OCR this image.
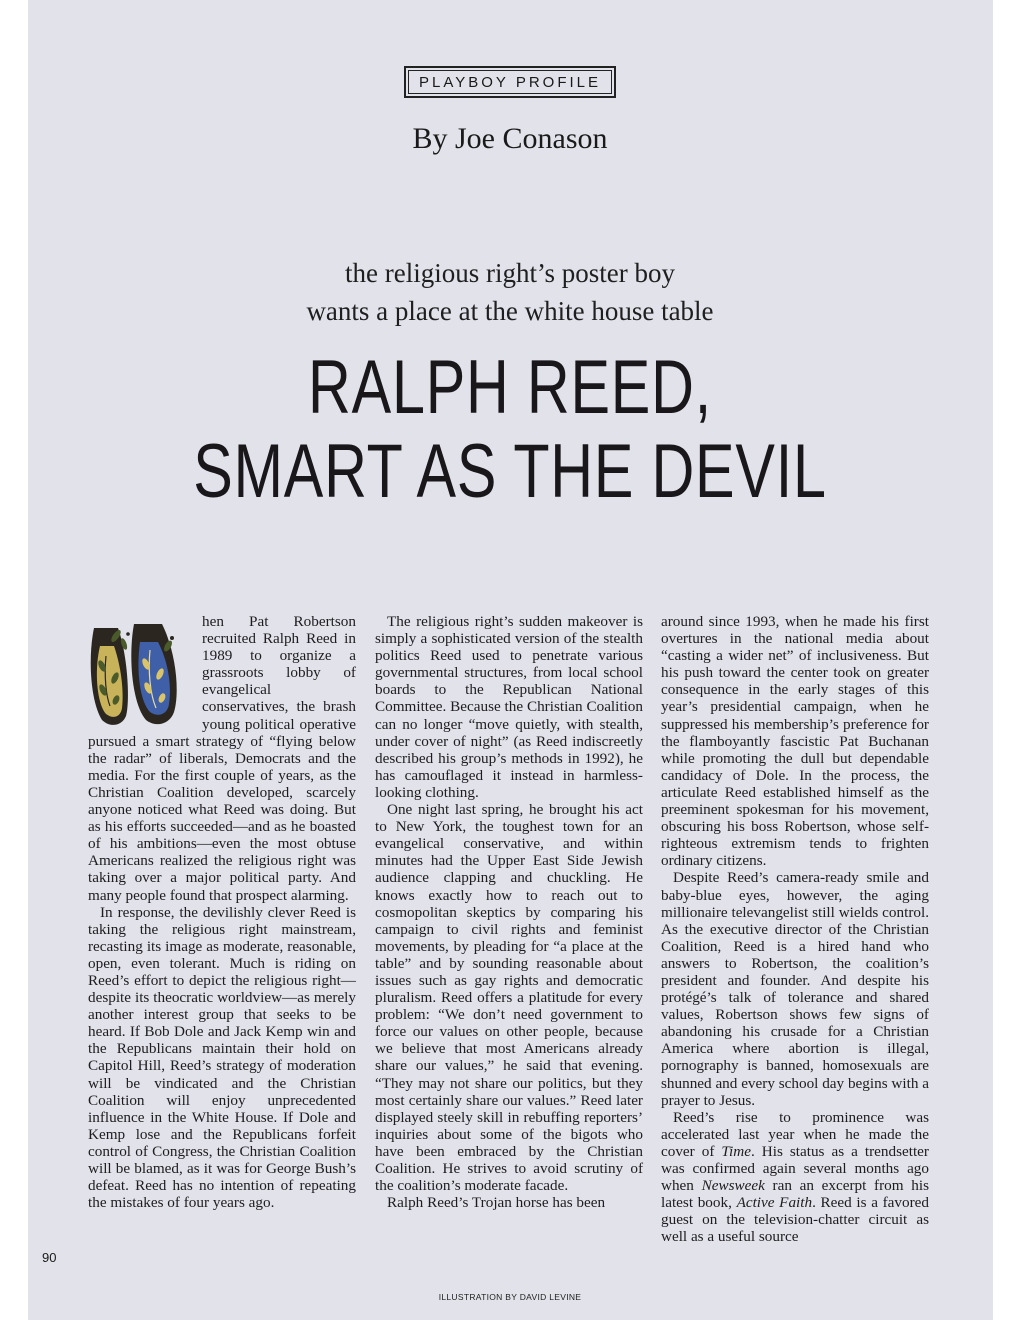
PLAYBOY PROFILE
By Joe Conason
the religious right’s poster boy
wants a place at the white house table
RALPH REED,
SMART AS THE DEVIL

hen Pat Robertson recruited Ralph Reed in 1989 to organize a grassroots lobby of evangelical conservatives, the brash young political operative pursued a smart strategy of “flying below the radar” of liberals, Democrats and the media. For the first couple of years, as the Christian Coalition developed, scarcely anyone noticed what Reed was doing. But as his efforts succeeded—and as he boasted of his ambitions—even the most obtuse Americans realized the religious right was taking over a major political party. And many people found that prospect alarming.

In response, the devilishly clever Reed is taking the religious right mainstream, recasting its image as moderate, reasonable, open, even tolerant. Much is riding on Reed’s effort to depict the religious right—despite its theocratic worldview—as merely another interest group that seeks to be heard. If Bob Dole and Jack Kemp win and the Republicans maintain their hold on Capitol Hill, Reed’s strategy of moderation will be vindicated and the Christian Coalition will enjoy unprecedented influence in the White House. If Dole and Kemp lose and the Republicans forfeit control of Congress, the Christian Coalition will be blamed, as it was for George Bush’s defeat. Reed has no intention of repeating the mistakes of four years ago.

The religious right’s sudden makeover is simply a sophisticated version of the stealth politics Reed used to penetrate various governmental structures, from local school boards to the Republican National Committee. Because the Christian Coalition can no longer “move quietly, with stealth, under cover of night” (as Reed indiscreetly described his group’s methods in 1992), he has camouflaged it instead in harmless-looking clothing.

One night last spring, he brought his act to New York, the toughest town for an evangelical conservative, and within minutes had the Upper East Side Jewish audience clapping and chuckling. He knows exactly how to reach out to cosmopolitan skeptics by comparing his campaign to civil rights and feminist movements, by pleading for “a place at the table” and by sounding reasonable about issues such as gay rights and democratic pluralism. Reed offers a platitude for every problem: “We don’t need government to force our values on other people, because we believe that most Americans already share our values,” he said that evening. “They may not share our politics, but they most certainly share our values.” Reed later displayed steely skill in rebuffing reporters’ inquiries about some of the bigots who have been embraced by the Christian Coalition. He strives to avoid scrutiny of the coalition’s moderate facade.

Ralph Reed’s Trojan horse has been

around since 1993, when he made his first overtures in the national media about “casting a wider net” of inclusiveness. But his push toward the center took on greater consequence in the early stages of this year’s presidential campaign, when he suppressed his membership’s preference for the flamboyantly fascistic Pat Buchanan while promoting the dull but dependable candidacy of Dole. In the process, the articulate Reed established himself as the preeminent spokesman for his movement, obscuring his boss Robertson, whose self-righteous extremism tends to frighten ordinary citizens.

Despite Reed’s camera-ready smile and baby-blue eyes, however, the aging millionaire televangelist still wields control. As the executive director of the Christian Coalition, Reed is a hired hand who answers to Robertson, the coalition’s president and founder. And despite his protégé’s talk of tolerance and shared values, Robertson shows few signs of abandoning his crusade for a Christian America where abortion is illegal, pornography is banned, homosexuals are shunned and every school day begins with a prayer to Jesus.

Reed’s rise to prominence was accelerated last year when he made the cover of Time. His status as a trendsetter was confirmed again several months ago when Newsweek ran an excerpt from his latest book, Active Faith. Reed is a favored guest on the television-chatter circuit as well as a useful source

90
ILLUSTRATION BY DAVID LEVINE
